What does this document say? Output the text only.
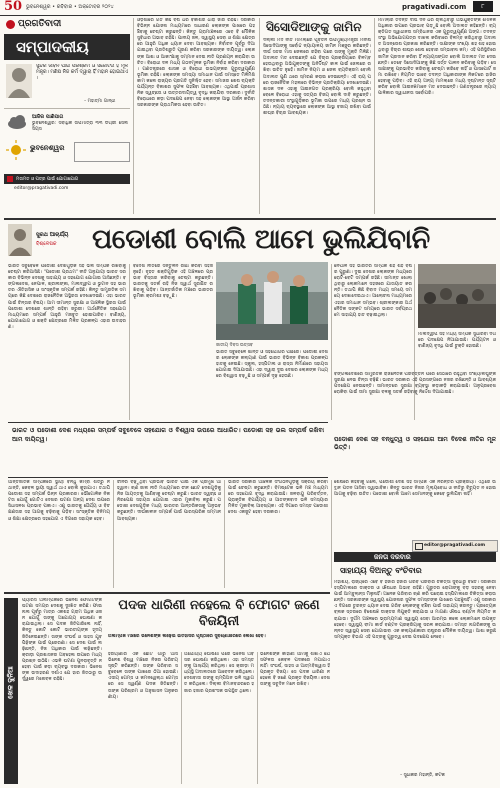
50 ଭୁବନେଶ୍ୱର • ରବିବାର • ଅକ୍ଟୋବର ୨୦୨୪	pragativadi.com	୮
ପ୍ରଗତିବାଦୀ
ସମ୍ପାଦକୀୟ
ସୁନ୍ଦର ଜୀବନ ପାଇଁ ପରିଶ୍ରମ ଓ ସଚ୍ଚୋଟତା ହିଁ ମୂଳମନ୍ତ୍ର। ମଣିଷ ନିଜ କର୍ମ ଦ୍ୱାରା ହିଁ ମହାନ ହୋଇଥାଏ।
– ମହାତ୍ମା ଗାନ୍ଧୀ
ଆଜିର ପାଣିପାଗ
ଭୁବନେଶ୍ୱର: ସର୍ବାଧିକ ତାପମାତ୍ରା ୩୩ ଡିଗ୍ରୀ ସେଲସିୟସ
ଭୁବନେଶ୍ୱର
ମତାମତ ଓ ପତ୍ର ପାଇଁ ଯୋଗାଯୋଗ
editor@pragativadi.com
ଓଡ଼ିଶାରେ ଗତ କିଛି ବର୍ଷ ଧରି ବିକାଶର ଧାରା ଜାରି ରହିଛି। ସରକାର ବିଭିନ୍ନ ଯୋଜନା ମାଧ୍ୟମରେ ସାଧାରଣ ଲୋକଙ୍କ ପାଖରେ ପହଞ୍ଚିବାକୁ ଚେଷ୍ଟା କରୁଛନ୍ତି। କିନ୍ତୁ ଗ୍ରାମାଞ୍ଚଳରେ ଏବେ ବି ମୌଳିକ ସୁବିଧାର ଅଭାବ ରହିଛି। ପାନୀୟ ଜଳ, ସ୍ୱାସ୍ଥ୍ୟ ସେବା ଓ ଶିକ୍ଷା କ୍ଷେତ୍ରରେ ଆହୁରି ଅଧିକ ଧ୍ୟାନ ଦେବା ଆବଶ୍ୟକ। ନିର୍ବାଚନ ପୂର୍ବରୁ ଦିଆଯାଇଥିବା ପ୍ରତିଶ୍ରୁତି ପୂରଣ କରିବା ସରକାରଙ୍କ ଦାୟିତ୍ୱ। ଲୋକଙ୍କ ଆଶା ଓ ଆକାଂକ୍ଷାକୁ ସମ୍ମାନ ଦେଇ ନୀତି ପ୍ରଣୟନ କରାଯିବା ଉଚିତ। ବିରୋଧୀ ଦଳ ମଧ୍ୟ ଗଠନମୂଳକ ଭୂମିକା ନିର୍ବାହ କରିବା ଦରକାର। ଗଣତନ୍ତ୍ରରେ ଶାସକ ଓ ବିରୋଧୀ ଉଭୟଙ୍କର ଗୁରୁତ୍ୱପୂର୍ଣ୍ଣ ଭୂମିକା ରହିଛି। ଲୋକଙ୍କ ସମସ୍ୟା ସମାଧାନ ପାଇଁ ସମସ୍ତେ ମିଳିମିଶି କାମ କଲେ ରାଜ୍ୟର ପ୍ରଗତି ସୁନିଶ୍ଚିତ ହେବ। ସମାଜର ଶେଷ ବ୍ୟକ୍ତି ପର୍ଯ୍ୟନ୍ତ ବିକାଶର ସୁଫଳ ପହଞ୍ଚିବା ଆବଶ୍ୟକ। ଏଥିପାଇଁ ପ୍ରଶାସନିକ ସ୍ୱଚ୍ଛତା ଓ ଉତ୍ତରଦାୟିତ୍ୱ ବୃଦ୍ଧି କରାଯିବା ଦରକାର। ଦୁର୍ନୀତି ବିରୋଧରେ କଡ଼ା ପଦକ୍ଷେପ ନେବା ସହ ଲୋକଙ୍କ ଆସ୍ଥା ଅର୍ଜନ କରିବା ସରକାରଙ୍କ ପ୍ରାଥମିକତା ହେବା ଉଚିତ।
ସିସୋଦିଆଙ୍କୁ ଜାମିନ
ଦିଲ୍ଲୀ ମଦ ନୀତି ମାମଲାରେ ପୂର୍ବତନ ଉପମୁଖ୍ୟମନ୍ତ୍ରୀ ମନୀଷ ସିସୋଦିଆଙ୍କୁ ସର୍ବୋଚ୍ଚ ନ୍ୟାୟାଳୟ ଜାମିନ ମଞ୍ଜୁର କରିଛନ୍ତି। ଦୀର୍ଘ ସତର ମାସ ଜେଲରେ ରହିବା ପରେ ତାଙ୍କୁ ମୁକ୍ତି ମିଳିଛି। ଅଦାଲତ ମତ ଦେଇଛନ୍ତି ଯେ ବିଚାର ପ୍ରକ୍ରିୟାରେ ବିଳମ୍ବ ହେଉଥିବାରୁ ଅଭିଯୁକ୍ତଙ୍କୁ ଅନିର୍ଦ୍ଦିଷ୍ଟ କାଳ ପାଇଁ ଜେଲରେ ରଖିବା ଉଚିତ ନୁହେଁ। ଜାମିନ ନିୟମ ଓ ଜେଲ ବ୍ୟତିକ୍ରମ ବୋଲି ଅଦାଲତ ପୁଣି ଥରେ ସ୍ମରଣ କରାଇ ଦେଇଛନ୍ତି। ଏହି ରାୟ ପରେ ରାଜନୈତିକ ମହଲରେ ବିଭିନ୍ନ ପ୍ରତିକ୍ରିୟା ଦେଖାଦେଇଛି। ଶାସକ ଦଳ ଏହାକୁ ଆଇନଗତ ପ୍ରକ୍ରିୟା ବୋଲି କହୁଥିବା ବେଳେ ବିରୋଧୀ ଏହାକୁ ସତ୍ୟର ବିଜୟ ବୋଲି ଦାବି କରୁଛନ୍ତି। ତଦନ୍ତକାରୀ ସଂସ୍ଥାଗୁଡ଼ିକର ଭୂମିକା ଉପରେ ମଧ୍ୟ ପ୍ରଶ୍ନ ଉଠିଛି। ନ୍ୟାୟ ବ୍ୟବସ୍ଥାରେ ଲୋକଙ୍କ ଆସ୍ଥା ବଜାୟ ରଖିବା ପାଇଁ ଶୀଘ୍ର ବିଚାର ଆବଶ୍ୟକ।
ମାମଲାର ତଦନ୍ତ ଦୀର୍ଘ ଦିନ ଧରି ଚାଲିଥିବାରୁ ଅଭିଯୁକ୍ତଙ୍କ ମୌଳିକ ଅଧିକାର ଉପରେ ପ୍ରଭାବ ପଡ଼ୁଛି ବୋଲି ଅଦାଲତ କହିଛନ୍ତି। ବ୍ୟକ୍ତିଗତ ସ୍ୱାଧୀନତା ସମ୍ବିଧାନର ଏକ ଗୁରୁତ୍ୱପୂର୍ଣ୍ଣ ଅଙ୍ଗ। ତଦନ୍ତ ସଂସ୍ଥା ଅଭିଯୋଗପତ୍ର ଦାଖଲ କରିବାରେ ବିଳମ୍ବ କରିଥିବାରୁ ଅଦାଲତ ଅସନ୍ତୋଷ ପ୍ରକାଶ କରିଛନ୍ତି। ସାକ୍ଷୀଙ୍କ ସଂଖ୍ୟା ଶହ ଶହ ହୋଇଥିବାରୁ ବିଚାର ଶୀଘ୍ର ଶେଷ ହେବାର ସମ୍ଭାବନା କମ୍। ଏହି ପରିସ୍ଥିତିରେ ଜାମିନ ପ୍ରଦାନ କରିବା ହିଁ ନ୍ୟାୟସଙ୍ଗତ ବୋଲି ଅଦାଲତ ମତ ଦେଇଛନ୍ତି। ତେବେ ସିସୋଦିଆଙ୍କୁ କିଛି ସର୍ତ୍ତ ପାଳନ କରିବାକୁ ପଡ଼ିବ। ସେ ସାକ୍ଷୀଙ୍କୁ ପ୍ରଭାବିତ କରିବାକୁ ଚେଷ୍ଟା କରିବେ ନାହିଁ ଓ ପାସପୋର୍ଟ ଜମା ରଖିବେ। ନିୟମିତ ଭାବେ ତଦନ୍ତ ଅଧିକାରୀଙ୍କ ନିକଟରେ ହାଜିର ହେବାକୁ ପଡ଼ିବ। ଏହି ରାୟ ଅନ୍ୟ ମାମଲାରେ ମଧ୍ୟ ଦୃଷ୍ଟାନ୍ତ ସୃଷ୍ଟି କରିବ ବୋଲି ଆଇନଜ୍ଞମାନେ ମତ ଦେଉଛନ୍ତି। ଗଣତନ୍ତ୍ରରେ ନ୍ୟାୟପାଳିକାର ସ୍ୱାଧୀନତା ସର୍ବୋପରି।
ସୁରଥ ଆଚାର୍ଯ୍ୟ
ବିଶ୍ଳେଷକ ପଡୋଶୀ ବୋଲି ଆମେ ଭୁଲିଯିବାନି
ଭାରତ ସବୁବେଳେ ପଡୋଶୀ ଦେଶଗୁଡ଼ିକ ସହ ଭଲ ସମ୍ପର୍କ ରଖିବାକୁ ଚେଷ୍ଟା କରିଆସିଛି। "ପଡୋଶୀ ପ୍ରଥମ" ନୀତି ଅନୁଯାୟୀ ଭାରତ ସରକାର ବିଭିନ୍ନ ଦେଶକୁ ସାହାଯ୍ୟ ଓ ସହଯୋଗ ଯୋଗାଇ ଆସିଛନ୍ତି। ବଙ୍ଗଳାଦେଶ, ନେପାଳ, ଶ୍ରୀଲଙ୍କା, ମାଲଦ୍ୱୀପ ଓ ଭୁଟାନ ସହ ଭାରତର ଐତିହାସିକ ଓ ସାଂସ୍କୃତିକ ସମ୍ପର୍କ ରହିଛି। କିନ୍ତୁ ସାମ୍ପ୍ରତିକ ସମୟରେ କିଛି ଦେଶରେ ରାଜନୈତିକ ଅସ୍ଥିରତା ଦେଖାଦେଇଛି। ଏହା ଭାରତ ପାଇଁ ଚିନ୍ତାର ବିଷୟ। ଆମ ସୀମାନ୍ତ ସୁରକ୍ଷା ଓ ଆଞ୍ଚଳିକ ସ୍ଥିରତା ପାଇଁ ପଡୋଶୀ ଦେଶରେ ଶାନ୍ତି ରହିବା ଜରୁରୀ। ଅର୍ଥନୈତିକ ସହଯୋଗ ମାଧ୍ୟମରେ ସମ୍ପର୍କ ଆହୁରି ମଜବୁତ ହୋଇପାରିବ। ବାଣିଜ୍ୟ, ଯୋଗାଯୋଗ ଓ ଶକ୍ତି କ୍ଷେତ୍ରରେ ମିଳିତ ପ୍ରକଳ୍ପ ଏହାର ଉଦାହରଣ।
ବିଦେଶ ନୀତିରେ ସନ୍ତୁଳନ ରକ୍ଷା କରିବା ସହଜ ନୁହେଁ। ବୃହତ ଶକ୍ତିଗୁଡ଼ିକ ଏହି ଅଞ୍ଚଳରେ ପ୍ରଭାବ ବିସ୍ତାର କରିବାକୁ ଚେଷ୍ଟା କରୁଛନ୍ତି। ଭାରତକୁ ସତର୍କ ରହି ନିଜ ସ୍ୱାର୍ଥ ସୁରକ୍ଷିତ ରଖିବାକୁ ପଡ଼ିବ। ଆନ୍ତର୍ଜାତିକ ମଞ୍ଚରେ ଭାରତର ଭୂମିକା କ୍ରମଶଃ ବଢ଼ୁଛି।
ଜାତୀୟ ଦିବସ ଉତ୍ସବ
ନେପାଳ ସହ ଭାରତର ସମ୍ପର୍କ ଶହ ଶହ ବର୍ଷର ପୁରୁଣା। ଦୁଇ ଦେଶର ଲୋକଙ୍କ ମଧ୍ୟରେ ରୋଟି-ବେଟି ସମ୍ପର୍କ ରହିଛି। ସୀମାନ୍ତ ଖୋଲା ଥିବାରୁ ଲୋକମାନେ ସହଜରେ ଯାତାୟାତ କରନ୍ତି। ତଥାପି କିଛି ବିବାଦ ମଧ୍ୟ ସମୟେ ସମୟେ ଦେଖାଦେଇଥାଏ। ଆଲୋଚନା ମାଧ୍ୟମରେ ଏହାର ସମାଧାନ ସମ୍ଭବ। ଶ୍ରୀଲଙ୍କାର ଅର୍ଥନୈତିକ ସଙ୍କଟ ସମୟରେ ଭାରତ ସର୍ବପ୍ରଥମେ ସାହାଯ୍ୟ ହାତ ବଢ଼ାଇଥିଲା।
ମାଲଦ୍ୱୀପ ସହ ମଧ୍ୟ ସମ୍ପର୍କ ସୁଧାରିବା ଦିଗରେ ପଦକ୍ଷେପ ନିଆଯାଉଛି। ପର୍ଯ୍ୟଟନ ଓ ବାଣିଜ୍ୟ ବୃଦ୍ଧି ପାଇଁ ଚୁକ୍ତି ହୋଇଛି।
ଭାରତ ସବୁବେଳେ ଶାନ୍ତି ଓ ସହଯୋଗର ପକ୍ଷରେ। ପଡୋଶୀ ଦେଶର ଲୋକଙ୍କ କଲ୍ୟାଣ ପାଇଁ ଭାରତ ବିଭିନ୍ନ ବିକାଶ ପ୍ରକଳ୍ପ ହାତକୁ ନେଇଛି। ସ୍କୁଲ, ହସ୍ପିଟାଲ ଓ ରାସ୍ତା ନିର୍ମାଣରେ ସହାୟତା ଯୋଗାଇ ଦିଆଯାଉଛି। ଏହା ଦ୍ୱାରା ଦୁଇ ଦେଶର ଲୋକଙ୍କ ମଧ୍ୟରେ ବିଶ୍ୱାସ ବଢ଼ୁଛି ଓ ସମ୍ପର୍କ ଦୃଢ଼ ହେଉଛି।
ଭାରତ ଓ ପଡୋଶୀ ଦେଶ ମଧ୍ୟରେ ସମ୍ପର୍କ ସବୁବେଳେ ସହଯୋଗ ଓ ବିଶ୍ୱାସ ଉପରେ ଆଧାରିତ। ପଡୋଶୀ ସହ ଭଲ ସମ୍ପର୍କ ରଖିବା ଆମ ଦାୟିତ୍ୱ।
ବଙ୍ଗଳାଦେଶରେ ସାମ୍ପ୍ରତିକ ରାଜନୈତିକ ପରିବର୍ତ୍ତନ ପରେ ସେଠାରେ ରହୁଥିବା ସଂଖ୍ୟାଲଘୁଙ୍କ ସୁରକ୍ଷା ନେଇ ଚିନ୍ତା ବଢ଼ିଛି। ଭାରତ ସରକାର ଏହି ପ୍ରସଙ୍ଗରେ ନଜର ରଖିଛନ୍ତି ଓ ଆବଶ୍ୟକ ପଦକ୍ଷେପ ନେଉଛନ୍ତି। ସୀମାନ୍ତରେ ସୁରକ୍ଷା ବ୍ୟବସ୍ଥା କଡ଼ାକଡ଼ି କରାଯାଇଛି। ଅନୁପ୍ରବେଶ ରୋକିବା ପାଇଁ ସୀମା ସୁରକ୍ଷା ବଳକୁ ସତର୍କ ରହିବାକୁ ନିର୍ଦ୍ଦେଶ ଦିଆଯାଇଛି।
ପଡୋଶୀ ଦେଶ ସହ ବନ୍ଧୁତ୍ୱ ଓ ସହଯୋଗ ଆମ ବିଦେଶ ନୀତିର ମୂଳ ଭିତ୍ତି।
ଆନ୍ତର୍ଜାତିକ ସମ୍ପର୍କରେ ସ୍ଥାୟୀ ବନ୍ଧୁ କିମ୍ବା ଶତ୍ରୁ ନଥାନ୍ତି, କେବଳ ସ୍ଥାୟୀ ସ୍ୱାର୍ଥ ଥାଏ ବୋଲି କୁହାଯାଏ। ତଥାପି ପଡୋଶୀ ସହ ସମ୍ପର୍କ ଭିନ୍ନ ପ୍ରକାରର। ଭୌଗୋଳିକ ନିକଟତା ଯୋଗୁଁ ଗୋଟିଏ ଦେଶର ଘଟଣା ଅନ୍ୟ ଦେଶ ଉପରେ ସିଧାସଳଖ ପ୍ରଭାବ ପକାଏ। ଏଣୁ ଭାରତକୁ ଧୈର୍ଯ୍ୟ ଓ ବିଚକ୍ଷଣତାର ସହ ଆଗକୁ ବଢ଼ିବାକୁ ପଡ଼ିବ। ସାଂସ୍କୃତିକ ବିନିମୟ ଓ ଶିକ୍ଷା କ୍ଷେତ୍ରରେ ସହଯୋଗ ଏ ଦିଗରେ ସହାୟକ ହେବ।
ଚୀନର ବଢ଼ୁଥିବା ପ୍ରଭାବ ଭାରତ ପାଇଁ ଏକ ପ୍ରମୁଖ ଆହ୍ୱାନ। ଋଣ ଜାଲ ନୀତି ମାଧ୍ୟମରେ ଚୀନ ଛୋଟ ଦେଶଗୁଡ଼ିକୁ ନିଜ ଆୟତ୍ତକୁ ଆଣିବାକୁ ଚେଷ୍ଟା କରୁଛି। ଭାରତ ସ୍ୱଚ୍ଛ ଓ ନିରପେକ୍ଷ ସହାୟତା ଯୋଗାଇ ଏହାର ମୁକାବିଲା କରୁଛି। ପଡୋଶୀ ଦେଶଗୁଡ଼ିକ ମଧ୍ୟ ଭାରତର ଆନ୍ତରିକତାକୁ ଅନୁଭବ କରୁଛନ୍ତି। ଦୀର୍ଘକାଳୀନ ସମ୍ପର୍କ ପାଇଁ ପାରସ୍ପରିକ ସମ୍ମାନ ଆବଶ୍ୟକ।
ଭାରତ ସରକାର ଆଞ୍ଚଳିକ ସଂଗଠନଗୁଡ଼ିକୁ ସକ୍ରିୟ କରିବା ପାଇଁ ଚେଷ୍ଟା କରୁଛନ୍ତି। ବିମଷ୍ଟେକ ଭଳି ମଞ୍ଚ ମାଧ୍ୟମରେ ସହଯୋଗ ବୃଦ୍ଧି କରାଯାଉଛି। ଜଳବାୟୁ ପରିବର୍ତ୍ତନ, ପ୍ରାକୃତିକ ବିପର୍ଯ୍ୟୟ ଓ ଆତଙ୍କବାଦ ଭଳି ସମସ୍ୟାର ମିଳିତ ମୁକାବିଲା ଆବଶ୍ୟକ। ଏହି ଦିଗରେ ସମସ୍ତ ପଡୋଶୀ ଦେଶ ଏକଜୁଟ ହେବା ଦରକାର।
ଶେଷରେ କହିବାକୁ ଗଲେ, ପଡୋଶୀ ଦେଶ ସହ ସମ୍ପର୍କ ଏକ ନିରନ୍ତର ପ୍ରକ୍ରିୟା। ଏଥିରେ ଉତ୍ଥାନ ପତନ ଆସିବା ସ୍ୱାଭାବିକ। କିନ୍ତୁ ଭାରତ ନିଜର ମୂଲ୍ୟବୋଧ ଓ ନୀତିରୁ ବିଚ୍ୟୁତ ନ ହୋଇ ଆଗକୁ ବଢ଼ିବା ଉଚିତ। ପଡୋଶୀ ବୋଲି ଆମେ ସେମାନଙ୍କୁ କେବେ ଭୁଲିଯିବା ନାହିଁ।
editor@pragativadi.com
ଜନତା ଦରବାର
ସାହାଯ୍ୟ ଦିଅନ୍ତୁ ବଂଚିବାର
ମହାଶୟ, ରାଜ୍ୟରେ ଏବେ ବି ହଜାର ହଜାର ଗରିବ ପରିବାର ଚିକିତ୍ସା ସୁବିଧାରୁ ବଞ୍ଚିତ। ସରକାରୀ ହସ୍ପିଟାଲରେ ଡାକ୍ତର ଓ ଔଷଧର ଅଭାବ ରହିଛି। ଗୁରୁତର ରୋଗୀଙ୍କୁ ବଡ଼ ସହରକୁ ନେବା ପାଇଁ ଆମ୍ବୁଲାନ୍ସ ମିଳୁନାହିଁ। ଅନେକ ପରିବାର ଋଣ କରି ଘରୋଇ ହସ୍ପିଟାଲରେ ଚିକିତ୍ସା କରାଉଛନ୍ତି। ସରକାରଙ୍କ ସ୍ୱାସ୍ଥ୍ୟ ଯୋଜନାର ସୁଫଳ ସମସ୍ତଙ୍କ ପାଖରେ ପହଞ୍ଚୁନାହିଁ। ଏଣୁ ସରକାର ଏ ଦିଗରେ ତୁରନ୍ତ ଧ୍ୟାନ ଦେଇ ଗରିବ ଲୋକଙ୍କୁ ବଞ୍ଚିବା ପାଇଁ ସାହାଯ୍ୟ କରନ୍ତୁ। ପ୍ରତ୍ୟେକ ବ୍ଲକ ସ୍ତରରେ ବିଶେଷଜ୍ଞ ଡାକ୍ତର ନିଯୁକ୍ତି କରାଯାଉ ଓ ମାଗଣା ଔଷଧ ବଣ୍ଟନ ନିୟମିତ କରାଯାଉ। ଦୁର୍ଗମ ଅଞ୍ଚଳରେ ଭ୍ରାମ୍ୟମାଣ ସ୍ୱାସ୍ଥ୍ୟ ସେବା ଆରମ୍ଭ କଲେ ଲୋକମାନେ ଉପକୃତ ହେବେ। ସ୍ୱାସ୍ଥ୍ୟ ବୀମା କାର୍ଡ ବଣ୍ଟନ ପ୍ରକ୍ରିୟାକୁ ସରଳ କରାଯାଉ। ସମସ୍ତ ନାଗରିକଙ୍କୁ ଉନ୍ନତ ସ୍ୱାସ୍ଥ୍ୟ ସେବା ଯୋଗାଇବା ଏକ କଲ୍ୟାଣକାରୀ ରାଷ୍ଟ୍ରର ମୌଳିକ ଦାୟିତ୍ୱ। ଆଶା କରୁଛି ସମ୍ପୃକ୍ତ ବିଭାଗ ଏହି ପତ୍ରକୁ ଗୁରୁତ୍ୱ ଦେଇ ପଦକ୍ଷେପ ନେବେ।
– ସୁଧାକର ମହାନ୍ତି, କଟକ
ଖେଳ ଦୁନିଆ
ପ୍ୟାରିସ ଅଲିମ୍ପିକରେ ଭିନେଶ ଫୋଗଟଙ୍କ ଘଟଣା ସମଗ୍ର ଦେଶକୁ ଦୁଃଖିତ କରିଛି। ଫାଇନାଲ ପୂର୍ବରୁ ମାତ୍ର ଏକଶହ ଗ୍ରାମ ଅଧିକ ଓଜନ ଯୋଗୁଁ ତାଙ୍କୁ ଅଯୋଗ୍ୟ ଘୋଷଣା କରାଯାଇଥିଲା। ସେ ପଦକ ଜିତିପାରିଲେ ନାହିଁ, କିନ୍ତୁ କୋଟି କୋଟି ଭାରତୀୟଙ୍କ ହୃଦୟ ଜିତିନେଇଛନ୍ତି। ତାଙ୍କ ସଂଘର୍ଷ ଓ ସାହସ ଯୁବପିଢ଼ିଙ୍କ ପାଇଁ ପ୍ରେରଣା। ସେ ଦେଶ ପାଇଁ ଲଢ଼ିଛନ୍ତି, ନିଜ ଅଧିକାର ପାଇଁ ଲଢ଼ିଛନ୍ତି। କ୍ରୀଡ଼ା ପ୍ରଶାସନର ଅବହେଳା ଉପରେ ମଧ୍ୟ ପ୍ରଶ୍ନ ଉଠିଛି। ଏଭଳି ଘଟଣା ପୁନରାବୃତ୍ତି ନହେବା ପାଇଁ କଡ଼ା ବ୍ୟବସ୍ଥା ଦରକାର। ଭିନେଶଙ୍କ ଉଦାହରଣ ଦର୍ଶାଏ ଯେ ହାର ଜିତଠାରୁ ଉର୍ଦ୍ଧ୍ୱରେ ମନୋବଳ ରହିଛି।
ପଦକ ଧାରିଣୀ ନହେଲେ ବି ଫୋଗଟ ଜଣେ ବିଜୟିନୀ
ଅଲିମ୍ପିକ ମଞ୍ଚରେ ଭିନେଶଙ୍କ ଲଢ଼େଇ ଇତିହାସର ପୃଷ୍ଠାରେ ସୁବର୍ଣ୍ଣାକ୍ଷରରେ ଲେଖା ହେବ।
ହରିୟାଣାର ଏକ ଛୋଟ ଗାଁରୁ ଆସି ଭିନେଶ ବିଶ୍ୱ ମଞ୍ଚରେ ନିଜର ପରିଚୟ ସୃଷ୍ଟି କରିଛନ୍ତି। ତାଙ୍କ ପରିବାର ସବୁବେଳେ ତାଙ୍କ ପାଖରେ ଠିଆ ହୋଇଛି। ଏସୀୟ ଗେମ୍ସ ଓ କମନୱେଲ୍ଥ ଗେମ୍ସରେ ସେ ସ୍ୱର୍ଣ୍ଣ ପଦକ ଜିତିଛନ୍ତି। ତାଙ୍କ ପରିଶ୍ରମ ଓ ଅନୁଶାସନ ଅନୁକରଣୀୟ।
ଅଯୋଗ୍ୟ ଘୋଷଣା ପରେ ଭିନେଶ ଅବସର ଘୋଷଣା କରିଥିଲେ। ଏହା ସମସ୍ତଙ୍କୁ ଆଶ୍ଚର୍ଯ୍ୟ କରିଥିଲା। ସେ କ୍ରୀଡ଼ା ମଧ୍ୟସ୍ଥି ଅଦାଲତରେ ଆବେଦନ କରିଥିଲେ। ଦେଶବାସୀ ତାଙ୍କୁ ଚାମ୍ପିଅନ ଭଳି ସ୍ୱାଗତ କରିଥିଲେ। ଦିଲ୍ଲୀ ବିମାନବନ୍ଦରରେ ହଜାର ହଜାର ପ୍ରଶଂସକ ଉପସ୍ଥିତ ଥିଲେ।
ଭିନେଶଙ୍କ କାହାଣୀ ଆମକୁ ଶିଖାଏ ଯେ ସଫଳତା କେବଳ ପଦକରେ ମପାଯାଏ ନାହିଁ। ସଂଘର୍ଷ, ସାହସ ଓ ଆତ୍ମବିଶ୍ୱାସ ହିଁ ପ୍ରକୃତ ବିଜୟ। ସେ ପଦକ ଧାରିଣୀ ନହେଲେ ବି ଜଣେ ପ୍ରକୃତ ବିଜୟିନୀ। ଦେଶ ତାଙ୍କୁ ସବୁଦିନ ମନେ ରଖିବ।
